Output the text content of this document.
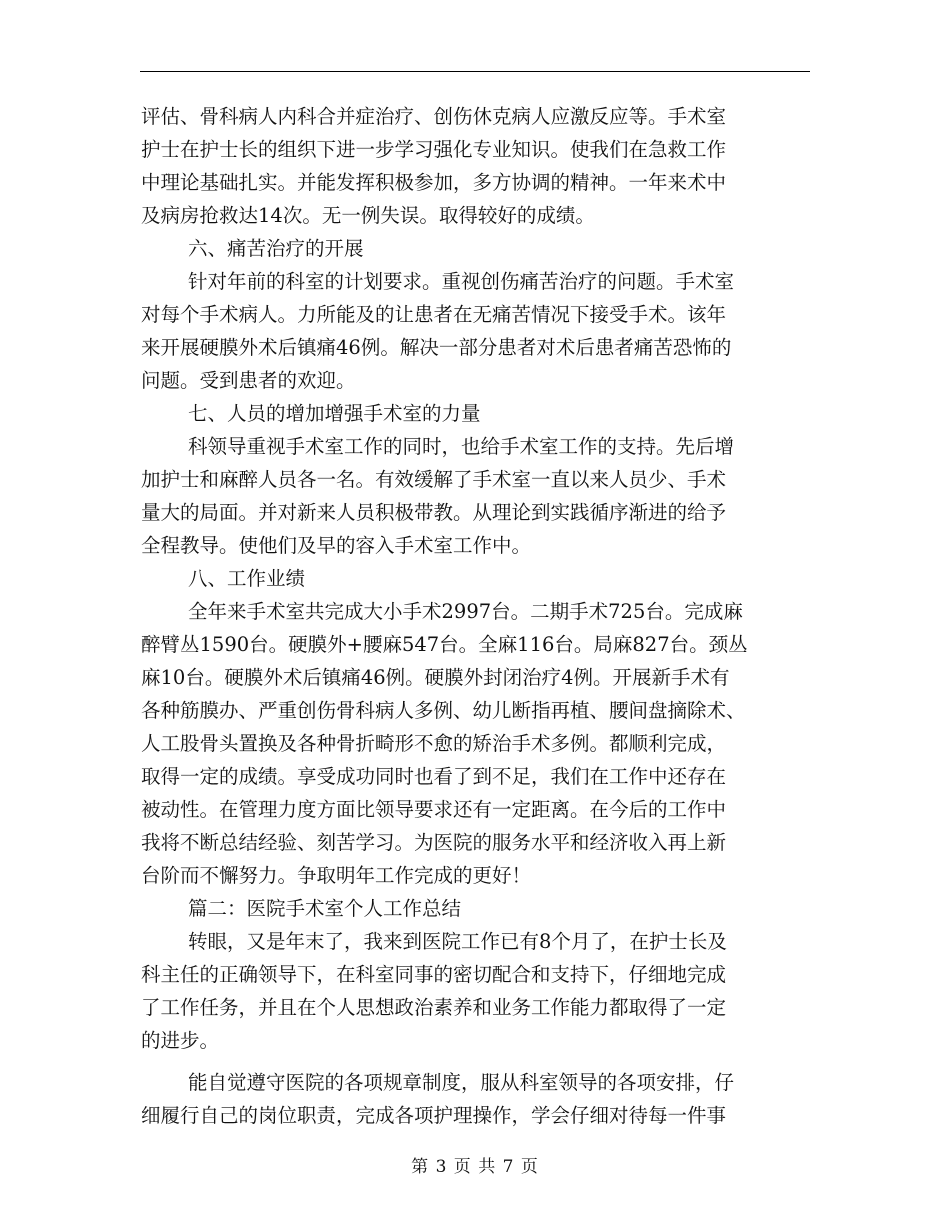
评估、骨科病人内科合并症治疗、创伤休克病人应激反应等。手术室
护士在护士长的组织下进一步学习强化专业知识。使我们在急救工作
中理论基础扎实。并能发挥积极参加，多方协调的精神。一年来术中
及病房抢救达14次。无一例失误。取得较好的成绩。
六、痛苦治疗的开展
针对年前的科室的计划要求。重视创伤痛苦治疗的问题。手术室
对每个手术病人。力所能及的让患者在无痛苦情况下接受手术。该年
来开展硬膜外术后镇痛46例。解决一部分患者对术后患者痛苦恐怖的
问题。受到患者的欢迎。
七、人员的增加增强手术室的力量
科领导重视手术室工作的同时，也给手术室工作的支持。先后增
加护士和麻醉人员各一名。有效缓解了手术室一直以来人员少、手术
量大的局面。并对新来人员积极带教。从理论到实践循序渐进的给予
全程教导。使他们及早的容入手术室工作中。
八、工作业绩
全年来手术室共完成大小手术2997台。二期手术725台。完成麻
醉臂丛1590台。硬膜外+腰麻547台。全麻116台。局麻827台。颈丛
麻10台。硬膜外术后镇痛46例。硬膜外封闭治疗4例。开展新手术有
各种筋膜办、严重创伤骨科病人多例、幼儿断指再植、腰间盘摘除术、
人工股骨头置换及各种骨折畸形不愈的矫治手术多例。都顺利完成，
取得一定的成绩。享受成功同时也看了到不足，我们在工作中还存在
被动性。在管理力度方面比领导要求还有一定距离。在今后的工作中
我将不断总结经验、刻苦学习。为医院的服务水平和经济收入再上新
台阶而不懈努力。争取明年工作完成的更好！
篇二：医院手术室个人工作总结
转眼，又是年末了，我来到医院工作已有8个月了，在护士长及
科主任的正确领导下，在科室同事的密切配合和支持下，仔细地完成
了工作任务，并且在个人思想政治素养和业务工作能力都取得了一定
的进步。
能自觉遵守医院的各项规章制度，服从科室领导的各项安排，仔
细履行自己的岗位职责，完成各项护理操作，学会仔细对待每一件事
第 3 页 共 7 页
